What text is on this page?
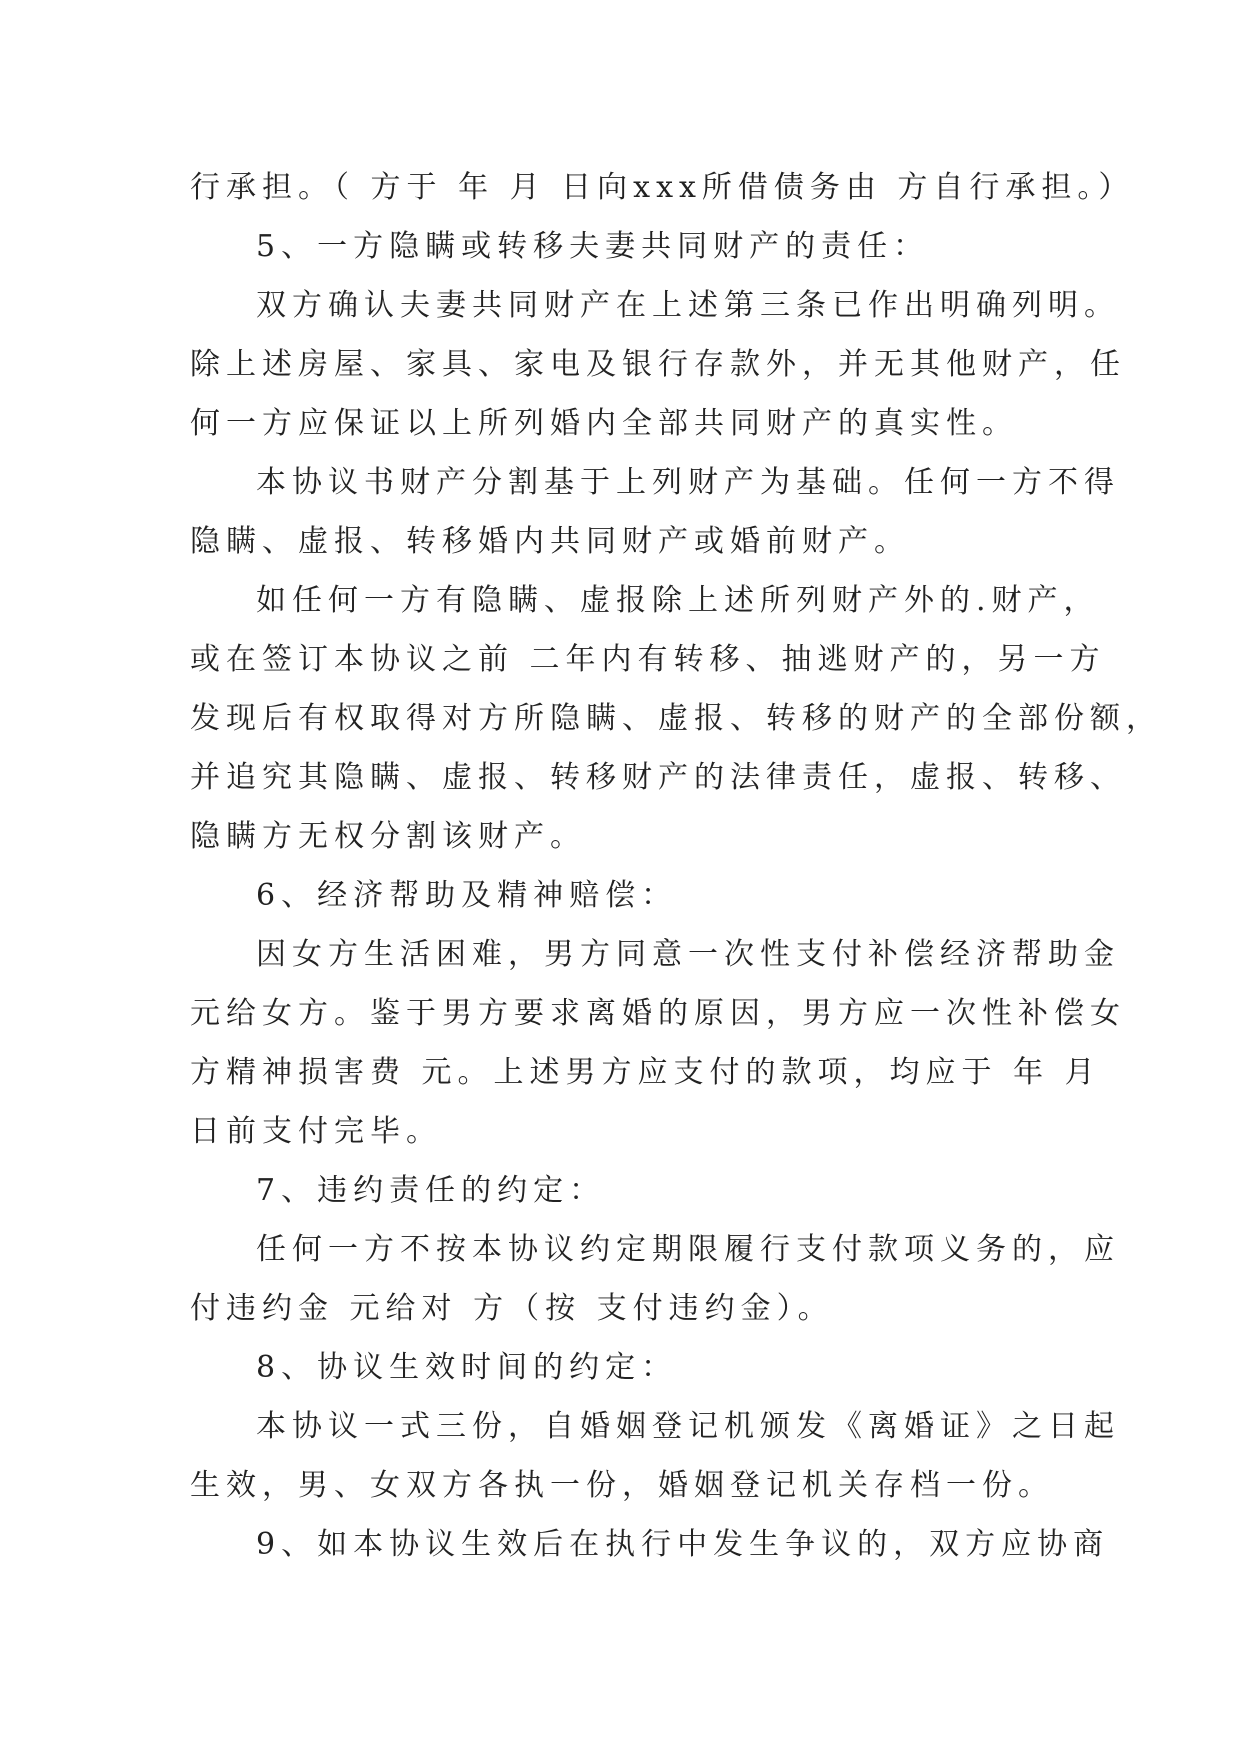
行承担。（ 方于 年 月 日向xxx所借债务由 方自行承担。）
5、一方隐瞒或转移夫妻共同财产的责任：
双方确认夫妻共同财产在上述第三条已作出明确列明。
除上述房屋、家具、家电及银行存款外，并无其他财产，任
何一方应保证以上所列婚内全部共同财产的真实性。
本协议书财产分割基于上列财产为基础。任何一方不得
隐瞒、虚报、转移婚内共同财产或婚前财产。
如任何一方有隐瞒、虚报除上述所列财产外的.财产，
或在签订本协议之前 二年内有转移、抽逃财产的，另一方
发现后有权取得对方所隐瞒、虚报、转移的财产的全部份额，
并追究其隐瞒、虚报、转移财产的法律责任，虚报、转移、
隐瞒方无权分割该财产。
6、经济帮助及精神赔偿：
因女方生活困难，男方同意一次性支付补偿经济帮助金
元给女方。鉴于男方要求离婚的原因，男方应一次性补偿女
方精神损害费 元。上述男方应支付的款项，均应于 年 月
日前支付完毕。
7、违约责任的约定：
任何一方不按本协议约定期限履行支付款项义务的，应
付违约金 元给对 方（按 支付违约金）。
8、协议生效时间的约定：
本协议一式三份，自婚姻登记机颁发《离婚证》之日起
生效，男、女双方各执一份，婚姻登记机关存档一份。
9、如本协议生效后在执行中发生争议的，双方应协商
